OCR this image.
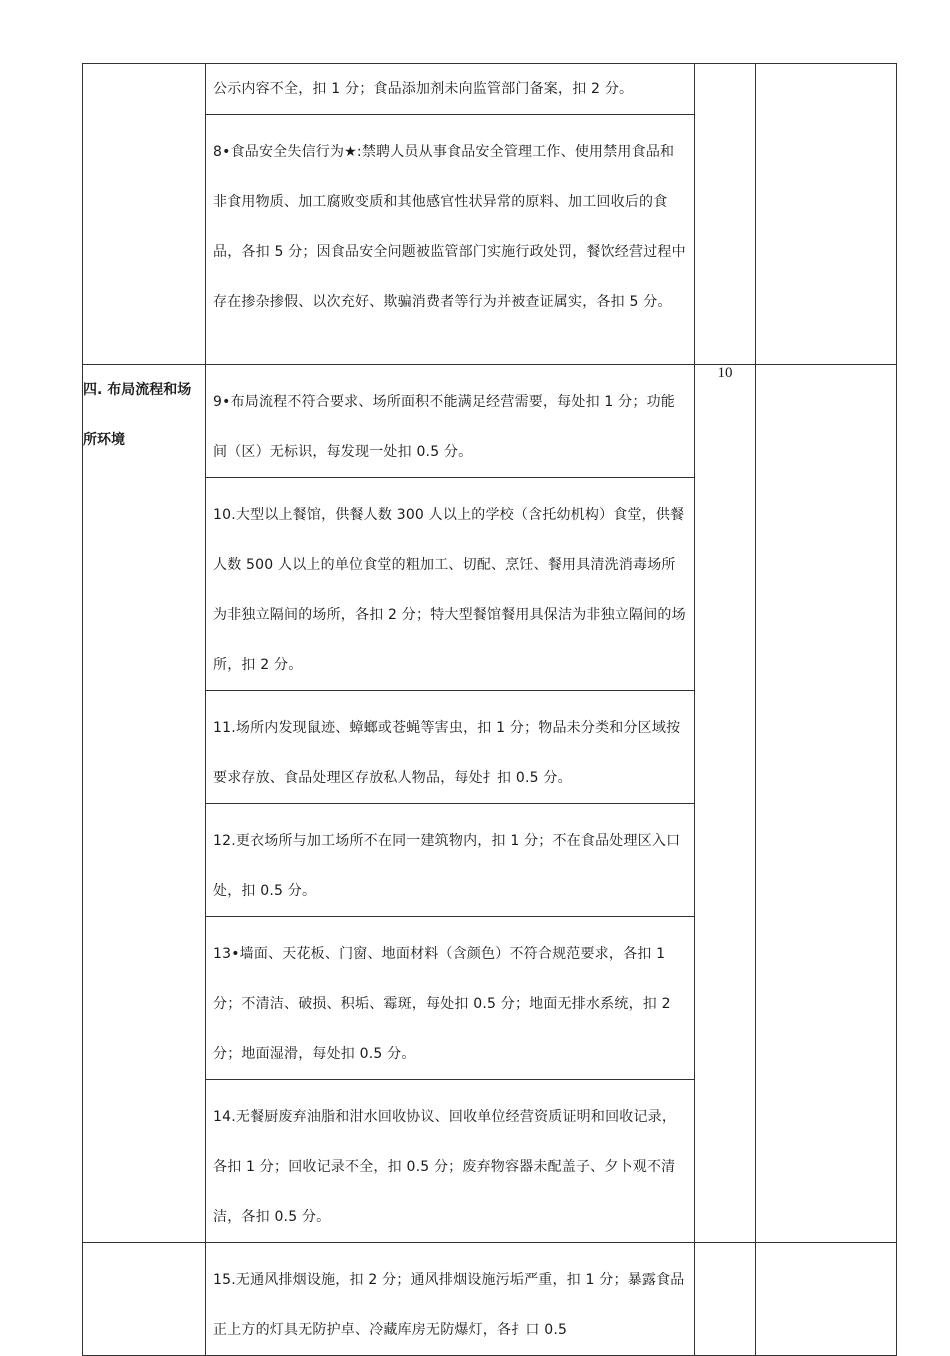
	公示内容不全，扣 1 分；食品添加剂未向监管部门备案，扣 2 分。		

	8•食品安全失信行为★:禁聘人员从事食品安全管理工作、使用禁用食品和非食用物质、加工腐败变质和其他感官性状异常的原料、加工回收后的食品，各扣 5 分；因食品安全问题被监管部门实施行政处罚，餐饮经营过程中存在掺杂掺假、以次充好、欺骗消费者等行为并被查证属实，各扣 5 分。		

四. 布局流程和场所环境	9•布局流程不符合要求、场所面积不能满足经营需要，每处扣 1 分；功能间（区）无标识，每发现一处扣 0.5 分。	10	

	10.大型以上餐馆，供餐人数 300 人以上的学校（含托幼机构）食堂，供餐人数 500 人以上的单位食堂的粗加工、切配、烹饪、餐用具清洗消毒场所为非独立隔间的场所，各扣 2 分；特大型餐馆餐用具保洁为非独立隔间的场所，扣 2 分。		

	11.场所内发现鼠迹、蟑螂或苍蝇等害虫，扣 1 分；物品未分类和分区域按要求存放、食品处理区存放私人物品，每处扌扣 0.5 分。		

	12.更衣场所与加工场所不在同一建筑物内，扣 1 分；不在食品处理区入口处，扣 0.5 分。		

	13•墙面、天花板、门窗、地面材料（含颜色）不符合规范要求，各扣 1 分；不清洁、破损、积垢、霉斑，每处扣 0.5 分；地面无排水系统，扣 2 分；地面湿滑，每处扣 0.5 分。		

	14.无餐厨废弃油脂和泔水回收协议、回收单位经营资质证明和回收记录，各扣 1 分；回收记录不全，扣 0.5 分；废弃物容器未配盖子、夕卜观不清洁，各扣 0.5 分。		

	15.无通风排烟设施，扣 2 分；通风排烟设施污垢严重，扣 1 分；暴露食品正上方的灯具无防护卓、冷藏库房无防爆灯，各扌口 0.5		
